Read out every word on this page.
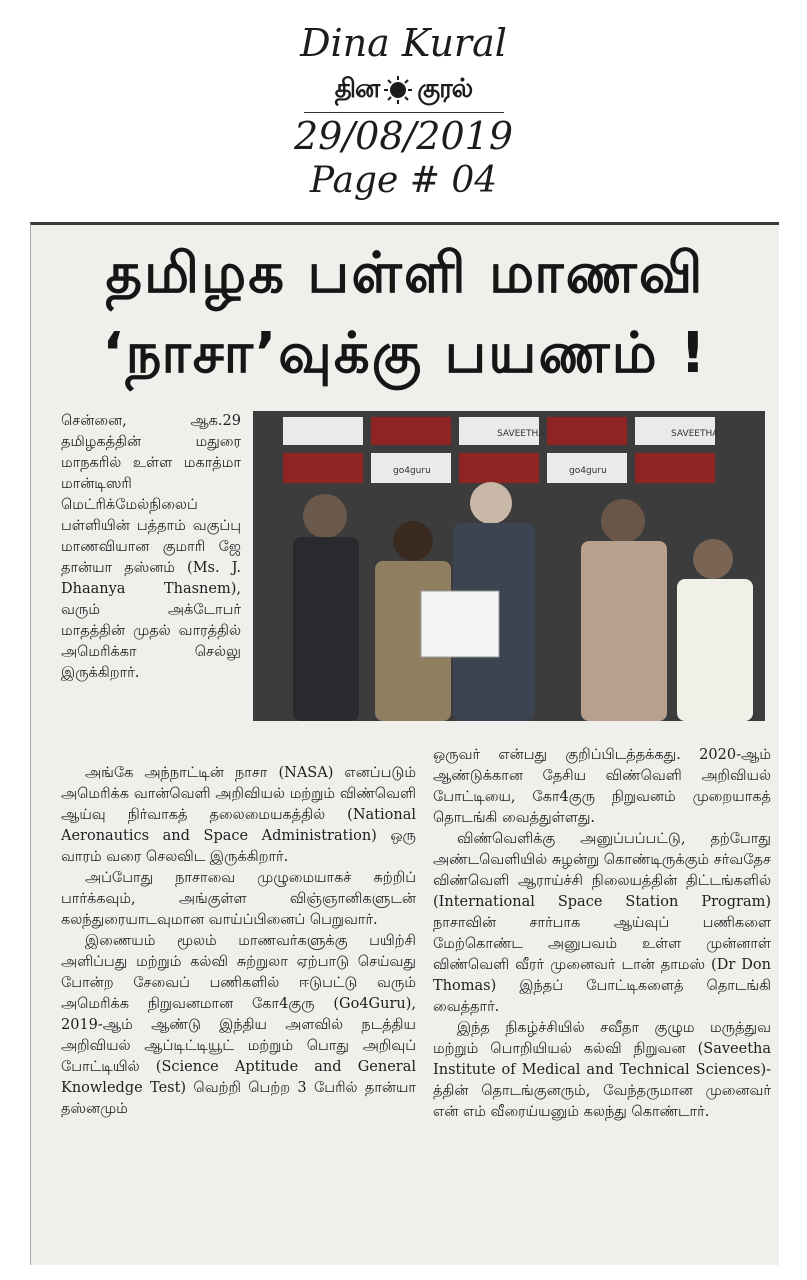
Dina Kural
தின குரல்
29/08/2019
Page # 04
தமிழக பள்ளி மாணவி
‘நாசா’வுக்கு பயணம் !
SAVEETHA	SAVEETHA
go4guru	go4guru

சென்னை, ஆக.29 தமிழகத்தின் மதுரை மாநகரில் உள்ள மகாத்மா மான்டிஸரி மெட்ரிக்மேல்நிலைப் பள்ளியின் பத்தாம் வகுப்பு மாணவியான குமாரி ஜே தான்யா தஸ்னம் (Ms. J. Dhaanya Thasnem), வரும் அக்டோபர் மாதத்தின் முதல் வாரத்தில் அமெரிக்கா செல்லு இருக்கிறார்.

அங்கே அந்நாட்டின் நாசா (NASA) எனப்படும் அமெரிக்க வான்வெளி அறிவியல் மற்றும் விண்வெளி ஆய்வு நிர்வாகத் தலைமையகத்தில் (National Aeronautics and Space Administration) ஒரு வாரம் வரை செலவிட இருக்கிறார்.

அப்போது நாசாவை முழுமையாகச் சுற்றிப் பார்க்கவும், அங்குள்ள விஞ்ஞானிகளுடன் கலந்துரையாடவுமான வாய்ப்பினைப் பெறுவார்.

இணையம் மூலம் மாணவர்களுக்கு பயிற்சி அளிப்பது மற்றும் கல்வி சுற்றுலா ஏற்பாடு செய்வது போன்ற சேவைப் பணிகளில் ஈடுபட்டு வரும் அமெரிக்க நிறுவனமான கோ4குரு (Go4Guru), 2019-ஆம் ஆண்டு இந்திய அளவில் நடத்திய அறிவியல் ஆப்டிட்டியூட் மற்றும் பொது அறிவுப் போட்டியில் (Science Aptitude and General Knowledge Test) வெற்றி பெற்ற 3 பேரில் தான்யா தஸ்னமும்

ஒருவர் என்பது குறிப்பிடத்தக்கது. 2020-ஆம் ஆண்டுக்கான தேசிய விண்வெளி அறிவியல் போட்டியை, கோ4குரு நிறுவனம் முறையாகத் தொடங்கி வைத்துள்ளது.

விண்வெளிக்கு அனுப்பப்பட்டு, தற்போது அண்டவெளியில் சுழன்று கொண்டிருக்கும் சர்வதேச விண்வெளி ஆராய்ச்சி நிலையத்தின் திட்டங்களில் (International Space Station Program) நாசாவின் சார்பாக ஆய்வுப் பணிகளை மேற்கொண்ட அனுபவம் உள்ள முன்னாள் விண்வெளி வீரர் முனைவர் டான் தாமஸ் (Dr Don Thomas) இந்தப் போட்டிகளைத் தொடங்கி வைத்தார்.

இந்த நிகழ்ச்சியில் சவீதா குழும மருத்துவ மற்றும் பொறியியல் கல்வி நிறுவன (Saveetha Institute of Medical and Technical Sciences)-த்தின் தொடங்குனரும், வேந்தருமான முனைவர் என் எம் வீரைய்யனும் கலந்து கொண்டார்.
